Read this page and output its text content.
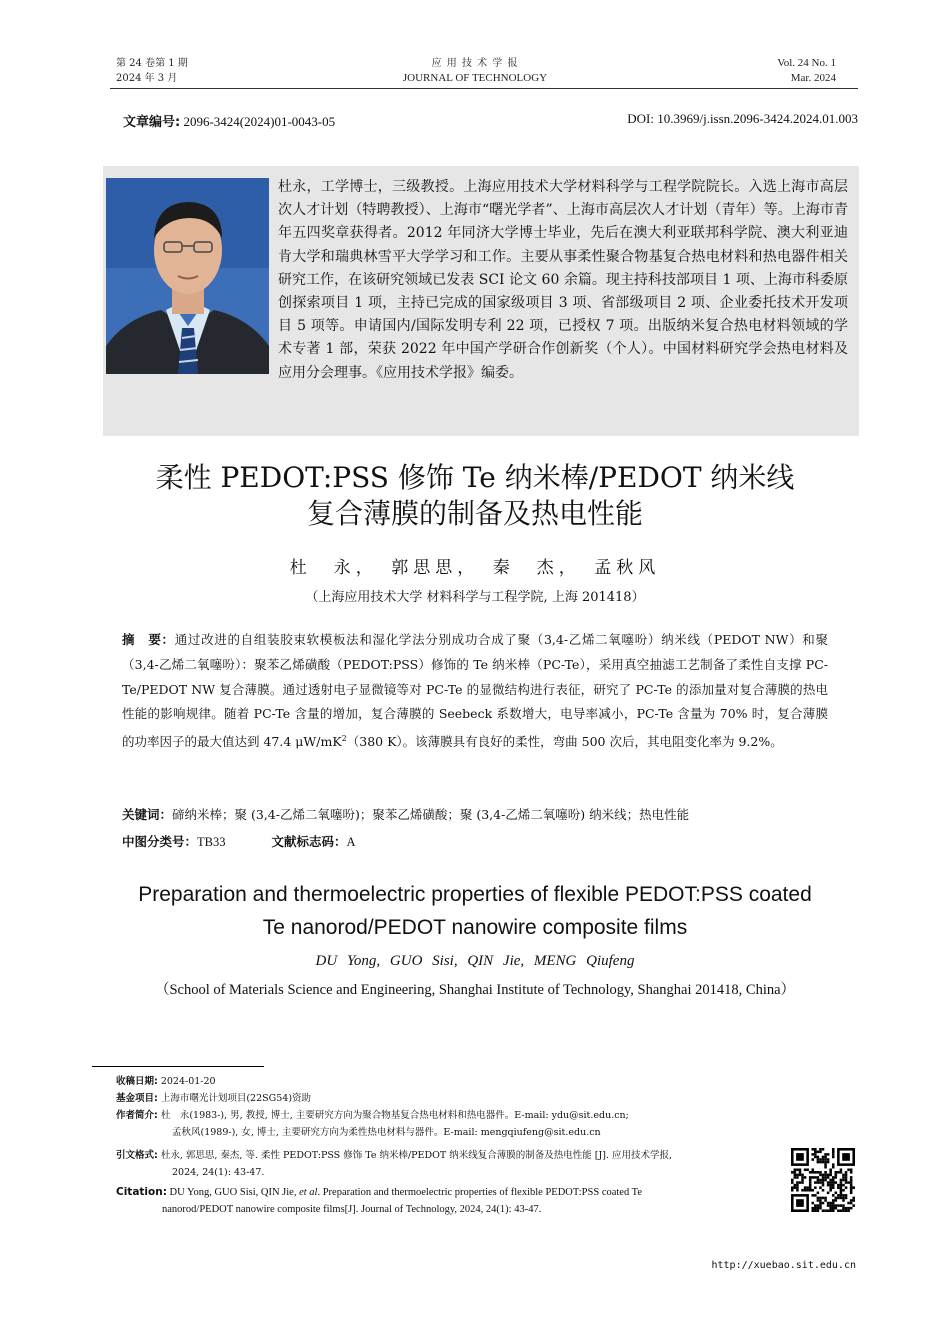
第 24 卷第 1 期
2024 年 3 月
应 用 技 术 学 报
JOURNAL OF TECHNOLOGY
Vol. 24 No. 1
Mar. 2024
文章编号: 2096-3424(2024)01-0043-05	DOI: 10.3969/j.issn.2096-3424.2024.01.003
杜永，工学博士，三级教授。上海应用技术大学材料科学与工程学院院长。入选上海市高层次人才计划（特聘教授）、上海市“曙光学者”、上海市高层次人才计划（青年）等。上海市青年五四奖章获得者。2012 年同济大学博士毕业，先后在澳大利亚联邦科学院、澳大利亚迪肯大学和瑞典林雪平大学学习和工作。主要从事柔性聚合物基复合热电材料和热电器件相关研究工作，在该研究领域已发表 SCI 论文 60 余篇。现主持科技部项目 1 项、上海市科委原创探索项目 1 项，主持已完成的国家级项目 3 项、省部级项目 2 项、企业委托技术开发项目 5 项等。申请国内/国际发明专利 22 项，已授权 7 项。出版纳米复合热电材料领域的学术专著 1 部，荣获 2022 年中国产学研合作创新奖（个人）。中国材料研究学会热电材料及应用分会理事。《应用技术学报》编委。
柔性 PEDOT:PSS 修饰 Te 纳米棒/PEDOT 纳米线
复合薄膜的制备及热电性能
杜　永，　郭思思，　秦　杰，　孟秋风
（上海应用技术大学 材料科学与工程学院, 上海 201418）
摘　要：通过改进的自组装胶束软模板法和湿化学法分别成功合成了聚（3,4-乙烯二氧噻吩）纳米线（PEDOT NW）和聚（3,4-乙烯二氧噻吩）：聚苯乙烯磺酸（PEDOT:PSS）修饰的 Te 纳米棒（PC-Te），采用真空抽滤工艺制备了柔性自支撑 PC-Te/PEDOT NW 复合薄膜。通过透射电子显微镜等对 PC-Te 的显微结构进行表征，研究了 PC-Te 的添加量对复合薄膜的热电性能的影响规律。随着 PC-Te 含量的增加，复合薄膜的 Seebeck 系数增大，电导率减小，PC-Te 含量为 70% 时，复合薄膜的功率因子的最大值达到 47.4 $\mu W/mK^2(380$ K）。该薄膜具有良好的柔性，弯曲 500 次后，其电阻变化率为 9.2%。
关键词：碲纳米棒；聚 (3,4-乙烯二氧噻吩)；聚苯乙烯磺酸；聚 (3,4-乙烯二氧噻吩) 纳米线；热电性能
中图分类号：TB33	文献标志码：A
Preparation and thermoelectric properties of flexible PEDOT:PSS coated
Te nanorod/PEDOT nanowire composite films
DU Yong, GUO Sisi, QIN Jie, MENG Qiufeng
（School of Materials Science and Engineering, Shanghai Institute of Technology, Shanghai 201418, China）
收稿日期: 2024-01-20
基金项目: 上海市曙光计划项目(22SG54)资助
作者简介: 杜　永(1983-), 男, 教授, 博士, 主要研究方向为聚合物基复合热电材料和热电器件。E-mail: ydu@sit.edu.cn;
孟秋风(1989-), 女, 博士, 主要研究方向为柔性热电材料与器件。E-mail: mengqiufeng@sit.edu.cn
引文格式: 杜永, 郭思思, 秦杰, 等. 柔性 PEDOT:PSS 修饰 Te 纳米棒/PEDOT 纳米线复合薄膜的制备及热电性能 [J]. 应用技术学报,
2024, 24(1): 43-47.
Citation: DU Yong, GUO Sisi, QIN Jie, et al. Preparation and thermoelectric properties of flexible PEDOT:PSS coated Te
nanorod/PEDOT nanowire composite films[J]. Journal of Technology, 2024, 24(1): 43-47.
http://xuebao.sit.edu.cn
